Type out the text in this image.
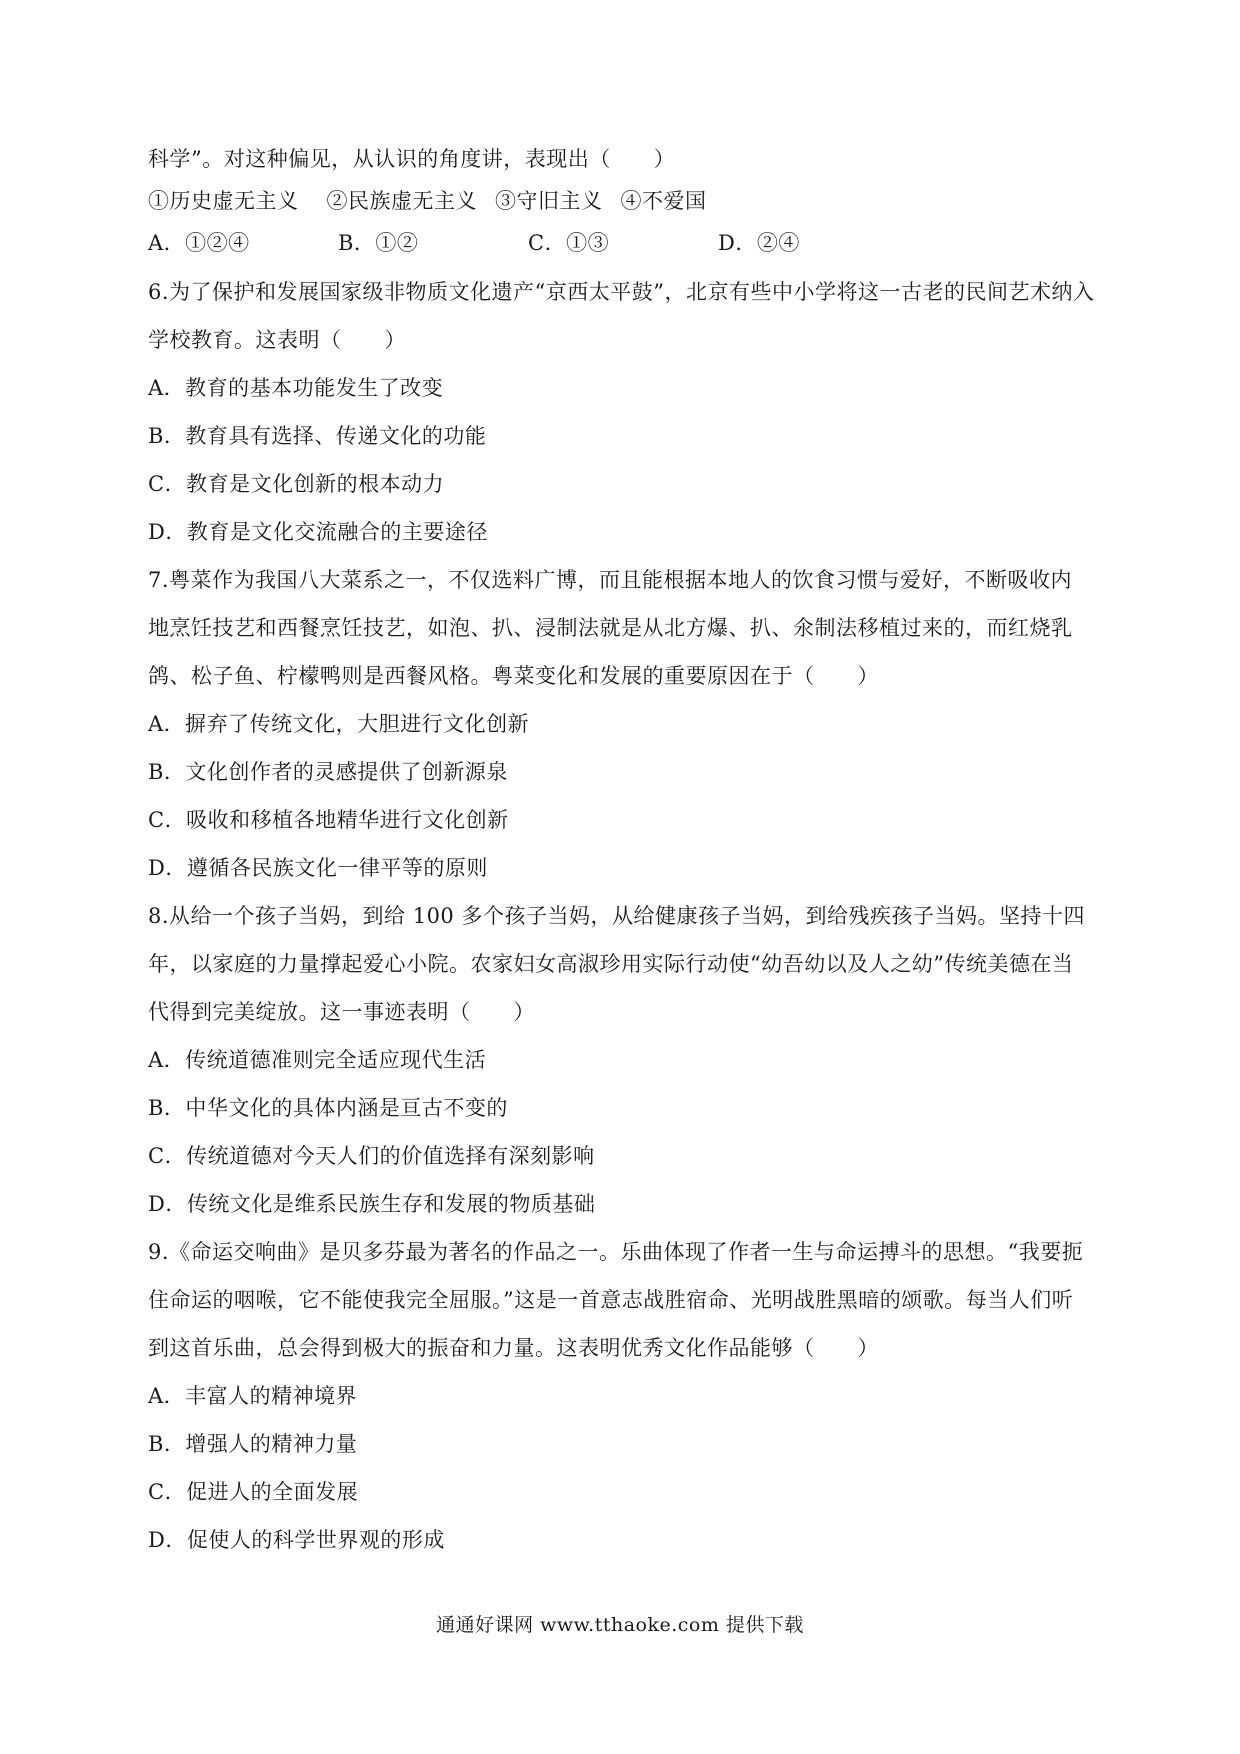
科学”。对这种偏见，从认识的角度讲，表现出（　　）
①历史虚无主义 ②民族虚无主义 ③守旧主义 ④不爱国
A．①②④	B．①②	C．①③	D．②④
6.为了保护和发展国家级非物质文化遗产“京西太平鼓”，北京有些中小学将这一古老的民间艺术纳入
学校教育。这表明（　　）
A．教育的基本功能发生了改变
B．教育具有选择、传递文化的功能
C．教育是文化创新的根本动力
D．教育是文化交流融合的主要途径
7.粤菜作为我国八大菜系之一，不仅选料广博，而且能根据本地人的饮食习惯与爱好，不断吸收内
地烹饪技艺和西餐烹饪技艺，如泡、扒、浸制法就是从北方爆、扒、氽制法移植过来的，而红烧乳
鸽、松子鱼、柠檬鸭则是西餐风格。粤菜变化和发展的重要原因在于（　　）
A．摒弃了传统文化，大胆进行文化创新
B．文化创作者的灵感提供了创新源泉
C．吸收和移植各地精华进行文化创新
D．遵循各民族文化一律平等的原则
8.从给一个孩子当妈，到给 100 多个孩子当妈，从给健康孩子当妈，到给残疾孩子当妈。坚持十四
年，以家庭的力量撑起爱心小院。农家妇女高淑珍用实际行动使“幼吾幼以及人之幼”传统美德在当
代得到完美绽放。这一事迹表明（　　）
A．传统道德准则完全适应现代生活
B．中华文化的具体内涵是亘古不变的
C．传统道德对今天人们的价值选择有深刻影响
D．传统文化是维系民族生存和发展的物质基础
9.《命运交响曲》是贝多芬最为著名的作品之一。乐曲体现了作者一生与命运搏斗的思想。“我要扼
住命运的咽喉，它不能使我完全屈服。”这是一首意志战胜宿命、光明战胜黑暗的颂歌。每当人们听
到这首乐曲，总会得到极大的振奋和力量。这表明优秀文化作品能够（　　）
A．丰富人的精神境界
B．增强人的精神力量
C．促进人的全面发展
D．促使人的科学世界观的形成
通通好课网 www.tthaoke.com 提供下载
